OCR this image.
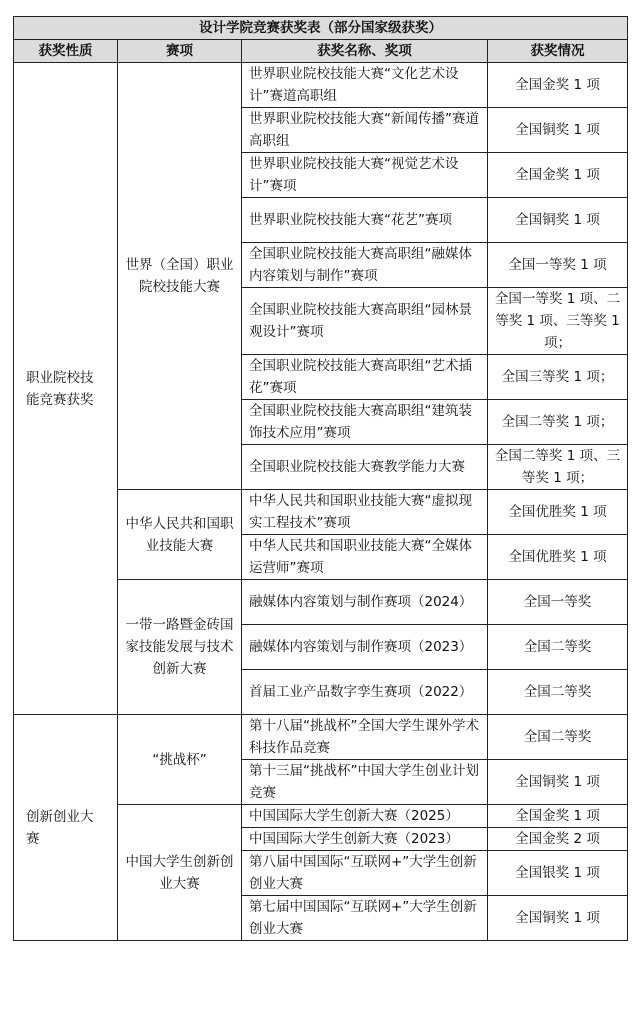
设计学院竞赛获奖表（部分国家级获奖）			
获奖性质	赛项	获奖名称、奖项	获奖情况
职业院校技能竞赛获奖	世界（全国）职业院校技能大赛	世界职业院校技能大赛“文化艺术设计”赛道高职组	全国金奖 1 项
		世界职业院校技能大赛“新闻传播”赛道高职组	全国铜奖 1 项
		世界职业院校技能大赛“视觉艺术设计”赛项	全国金奖 1 项
		世界职业院校技能大赛“花艺”赛项	全国铜奖 1 项
		全国职业院校技能大赛高职组“融媒体内容策划与制作”赛项	全国一等奖 1 项
		全国职业院校技能大赛高职组“园林景观设计”赛项	全国一等奖 1 项、二等奖 1 项、三等奖 1 项；
		全国职业院校技能大赛高职组“艺术插花”赛项	全国三等奖 1 项；
		全国职业院校技能大赛高职组“建筑装饰技术应用”赛项	全国二等奖 1 项；
		全国职业院校技能大赛教学能力大赛	全国二等奖 1 项、三等奖 1 项；
	中华人民共和国职业技能大赛	中华人民共和国职业技能大赛“虚拟现实工程技术”赛项	全国优胜奖 1 项
		中华人民共和国职业技能大赛“全媒体运营师”赛项	全国优胜奖 1 项
	一带一路暨金砖国家技能发展与技术创新大赛	融媒体内容策划与制作赛项（2024）	全国一等奖
		融媒体内容策划与制作赛项（2023）	全国二等奖
		首届工业产品数字孪生赛项（2022）	全国二等奖
创新创业大赛	“挑战杯”	第十八届“挑战杯”全国大学生课外学术科技作品竞赛	全国二等奖
		第十三届“挑战杯”中国大学生创业计划竞赛	全国铜奖 1 项
	中国大学生创新创业大赛	中国国际大学生创新大赛（2025）	全国金奖 1 项
		中国国际大学生创新大赛（2023）	全国金奖 2 项
		第八届中国国际“互联网+”大学生创新创业大赛	全国银奖 1 项
		第七届中国国际“互联网+”大学生创新创业大赛	全国铜奖 1 项
